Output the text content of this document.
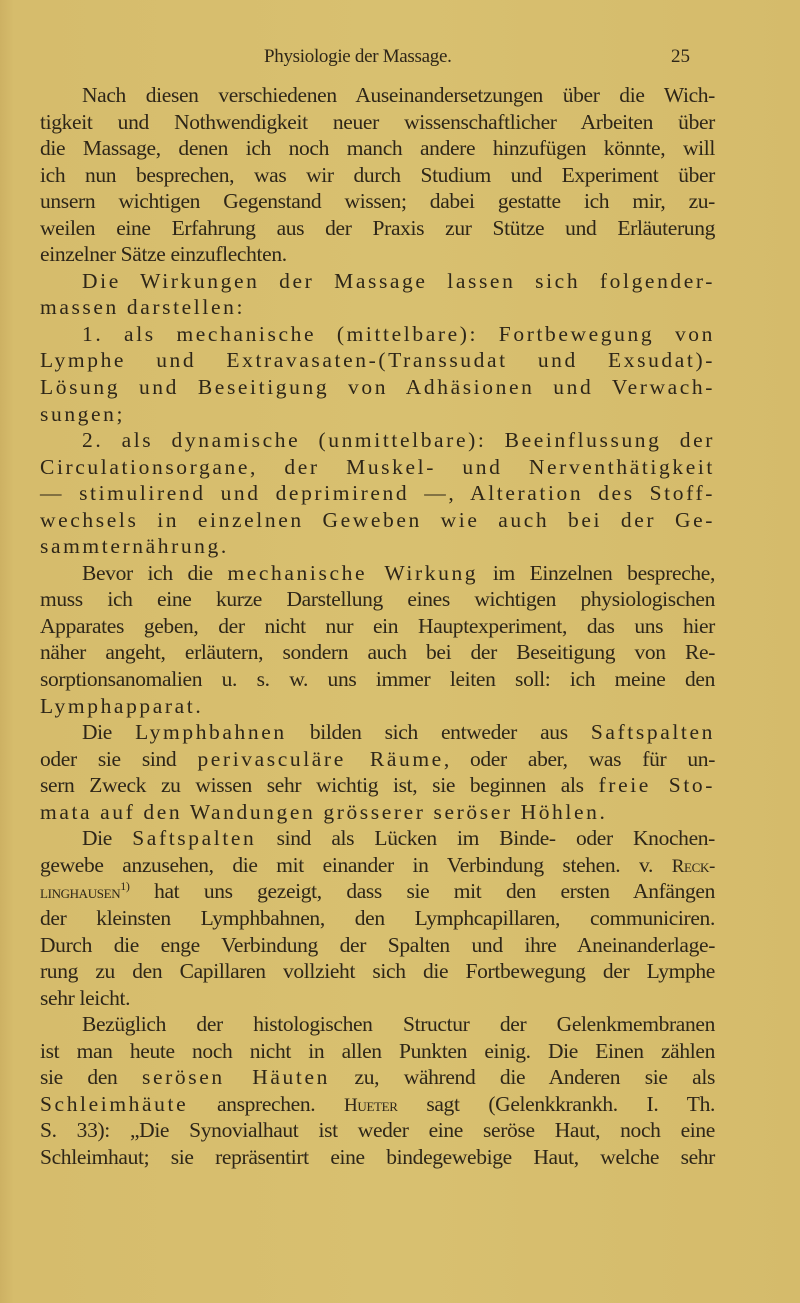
Physiologie der Massage.	25
Nach diesen verschiedenen Auseinandersetzungen über die Wich-
tigkeit und Nothwendigkeit neuer wissenschaftlicher Arbeiten über
die Massage, denen ich noch manch andere hinzufügen könnte, will
ich nun besprechen, was wir durch Studium und Experiment über
unsern wichtigen Gegenstand wissen; dabei gestatte ich mir, zu-
weilen eine Erfahrung aus der Praxis zur Stütze und Erläuterung
einzelner Sätze einzuflechten.
Die Wirkungen der Massage lassen sich folgender-
massen darstellen:
1. als mechanische (mittelbare): Fortbewegung von
Lymphe und Extravasaten-(Transsudat und Exsudat)-
Lösung und Beseitigung von Adhäsionen und Verwach-
sungen;
2. als dynamische (unmittelbare): Beeinflussung der
Circulationsorgane, der Muskel- und Nerventhätigkeit
— stimulirend und deprimirend —, Alteration des Stoff-
wechsels in einzelnen Geweben wie auch bei der Ge-
sammternährung.
Bevor ich die mechanische Wirkung im Einzelnen bespreche,
muss ich eine kurze Darstellung eines wichtigen physiologischen
Apparates geben, der nicht nur ein Hauptexperiment, das uns hier
näher angeht, erläutern, sondern auch bei der Beseitigung von Re-
sorptionsanomalien u. s. w. uns immer leiten soll: ich meine den
Lymphapparat.
Die Lymphbahnen bilden sich entweder aus Saftspalten
oder sie sind perivasculäre Räume, oder aber, was für un-
sern Zweck zu wissen sehr wichtig ist, sie beginnen als freie Sto-
mata auf den Wandungen grösserer seröser Höhlen.
Die Saftspalten sind als Lücken im Binde- oder Knochen-
gewebe anzusehen, die mit einander in Verbindung stehen. v. Reck-
linghausen$^{1)}$ hat uns gezeigt, dass sie mit den ersten Anfängen
der kleinsten Lymphbahnen, den Lymphcapillaren, communiciren.
Durch die enge Verbindung der Spalten und ihre Aneinanderlage-
rung zu den Capillaren vollzieht sich die Fortbewegung der Lymphe
sehr leicht.
Bezüglich der histologischen Structur der Gelenkmembranen
ist man heute noch nicht in allen Punkten einig. Die Einen zählen
sie den serösen Häuten zu, während die Anderen sie als
Schleimhäute ansprechen. Hueter sagt (Gelenkkrankh. I. Th.
S. 33): „Die Synovialhaut ist weder eine seröse Haut, noch eine
Schleimhaut; sie repräsentirt eine bindegewebige Haut, welche sehr
